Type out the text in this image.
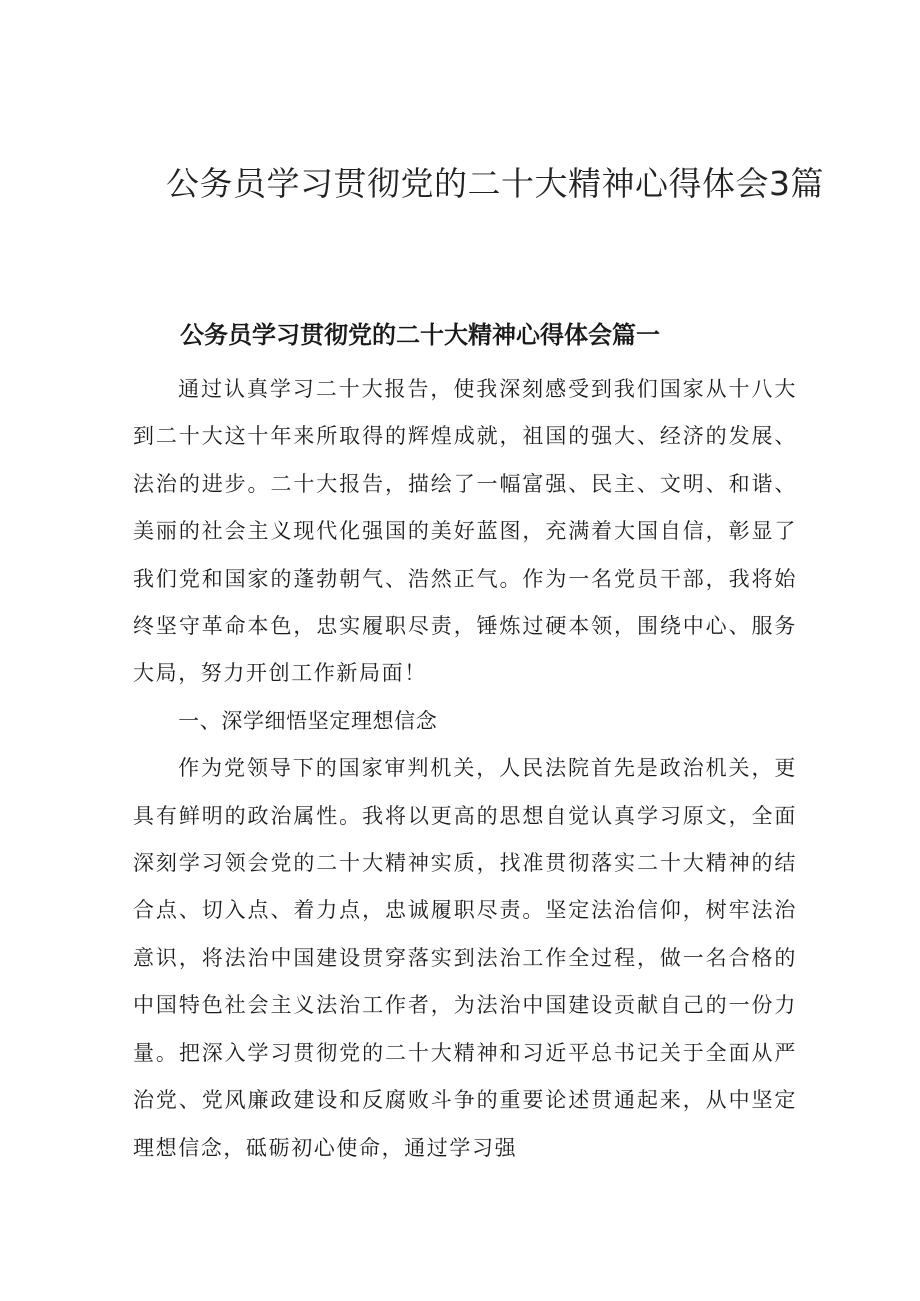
公务员学习贯彻党的二十大精神心得体会3篇
公务员学习贯彻党的二十大精神心得体会篇一

通过认真学习二十大报告，使我深刻感受到我们国家从十八大到二十大这十年来所取得的辉煌成就，祖国的强大、经济的发展、法治的进步。二十大报告，描绘了一幅富强、民主、文明、和谐、美丽的社会主义现代化强国的美好蓝图，充满着大国自信，彰显了我们党和国家的蓬勃朝气、浩然正气。作为一名党员干部，我将始终坚守革命本色，忠实履职尽责，锤炼过硬本领，围绕中心、服务大局，努力开创工作新局面！

一、深学细悟坚定理想信念

作为党领导下的国家审判机关，人民法院首先是政治机关，更具有鲜明的政治属性。我将以更高的思想自觉认真学习原文，全面深刻学习领会党的二十大精神实质，找准贯彻落实二十大精神的结合点、切入点、着力点，忠诚履职尽责。坚定法治信仰，树牢法治意识，将法治中国建设贯穿落实到法治工作全过程，做一名合格的中国特色社会主义法治工作者，为法治中国建设贡献自己的一份力量。把深入学习贯彻党的二十大精神和习近平总书记关于全面从严治党、党风廉政建设和反腐败斗争的重要论述贯通起来，从中坚定理想信念，砥砺初心使命，通过学习强
